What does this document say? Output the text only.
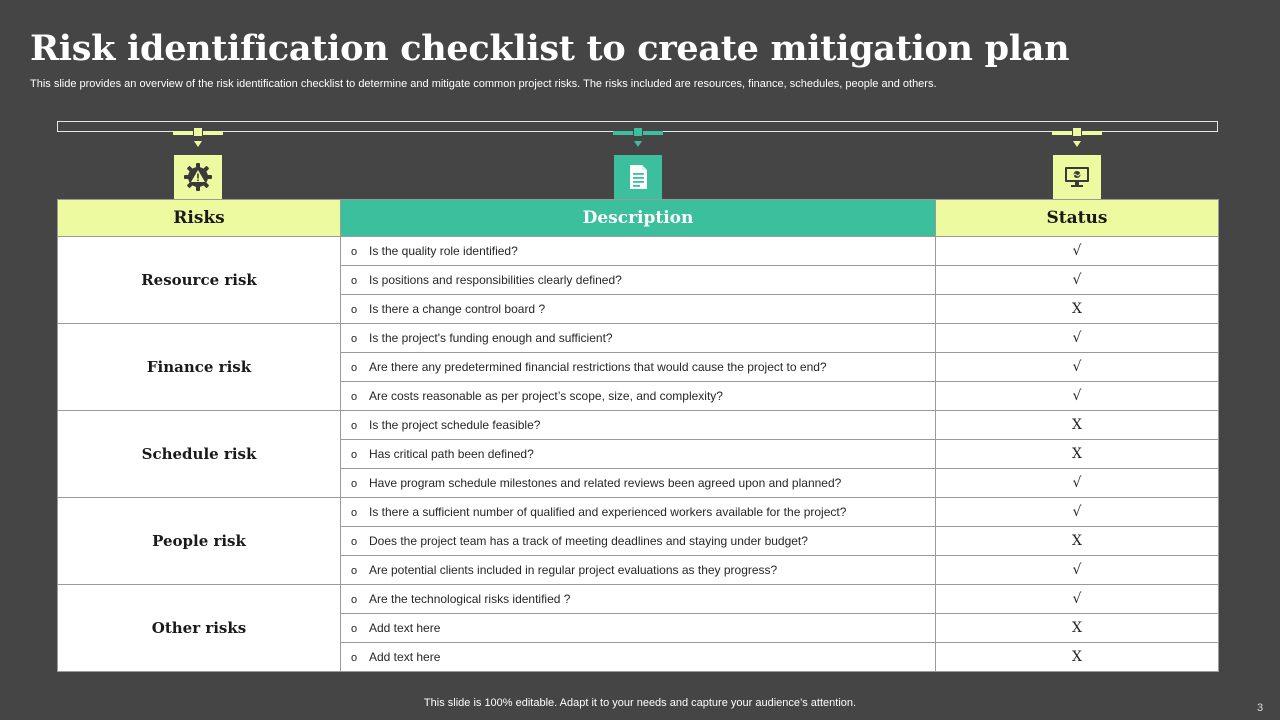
Risk identification checklist to create mitigation plan
This slide provides an overview of the risk identification checklist to determine and mitigate common project risks. The risks included are resources, finance, schedules, people and others.
Risks	Description	Status
Resource risk	o Is the quality role identified?	√
	o Is positions and responsibilities clearly defined?	√
	o Is there a change control board ?	X
Finance risk	o Is the project's funding enough and sufficient?	√
	o Are there any predetermined financial restrictions that would cause the project to end?	√
	o Are costs reasonable as per project’s scope, size, and complexity?	√
Schedule risk	o Is the project schedule feasible?	X
	o Has critical path been defined?	X
	o Have program schedule milestones and related reviews been agreed upon and planned?	√
People risk	o Is there a sufficient number of qualified and experienced workers available for the project?	√
	o Does the project team has a track of meeting deadlines and staying under budget?	X
	o Are potential clients included in regular project evaluations as they progress?	√
Other risks	o Are the technological risks identified ?	√
	o Add text here	X
	o Add text here	X
This slide is 100% editable. Adapt it to your needs and capture your audience’s attention.	3
